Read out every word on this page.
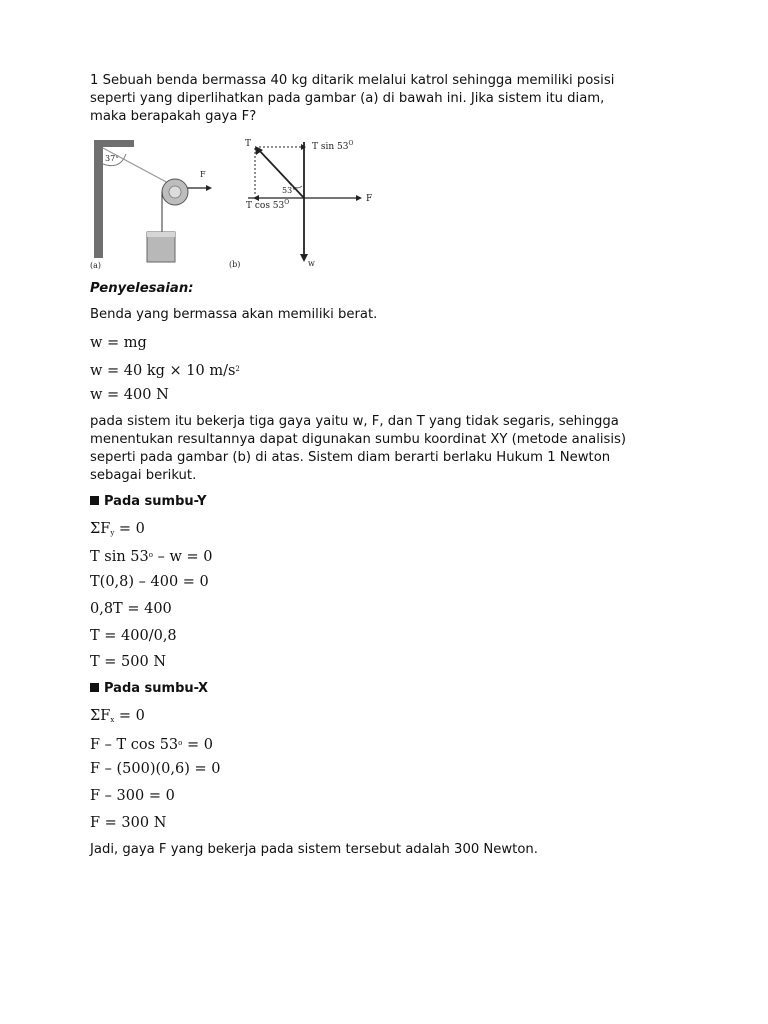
1 Sebuah benda bermassa 40 kg ditarik melalui katrol sehingga memiliki posisi

seperti yang diperlihatkan pada gambar (a) di bawah ini. Jika sistem itu diam,

maka berapakah gaya F?

37°
F
(a)
T	T $\sin 53^O$
F
53°
T $\cos 53^O$
w
(b)

Penyelesaian:

Benda yang bermassa akan memiliki berat.

w = mg
w = 40 kg × 10 $m/s^2$
w = 400 N

pada sistem itu bekerja tiga gaya yaitu w, F, dan T yang tidak segaris, sehingga

menentukan resultannya dapat digunakan sumbu koordinat XY (metode analisis)

seperti pada gambar (b) di atas. Sistem diam berarti berlaku Hukum 1 Newton

sebagai berikut.

Pada sumbu-Y
$\Sigma F_y = 0$
T sin 53$^o$ – w = 0
T(0,8) – 400 = 0
0,8T = 400
T = 400/0,8
T = 500 N
Pada sumbu-X
$\Sigma F_x = 0$
F – T $\cos 53^o = 0$
F – (500)(0,6) = 0
F – 300 = 0
F = 300 N

Jadi, gaya F yang bekerja pada sistem tersebut adalah 300 Newton.
